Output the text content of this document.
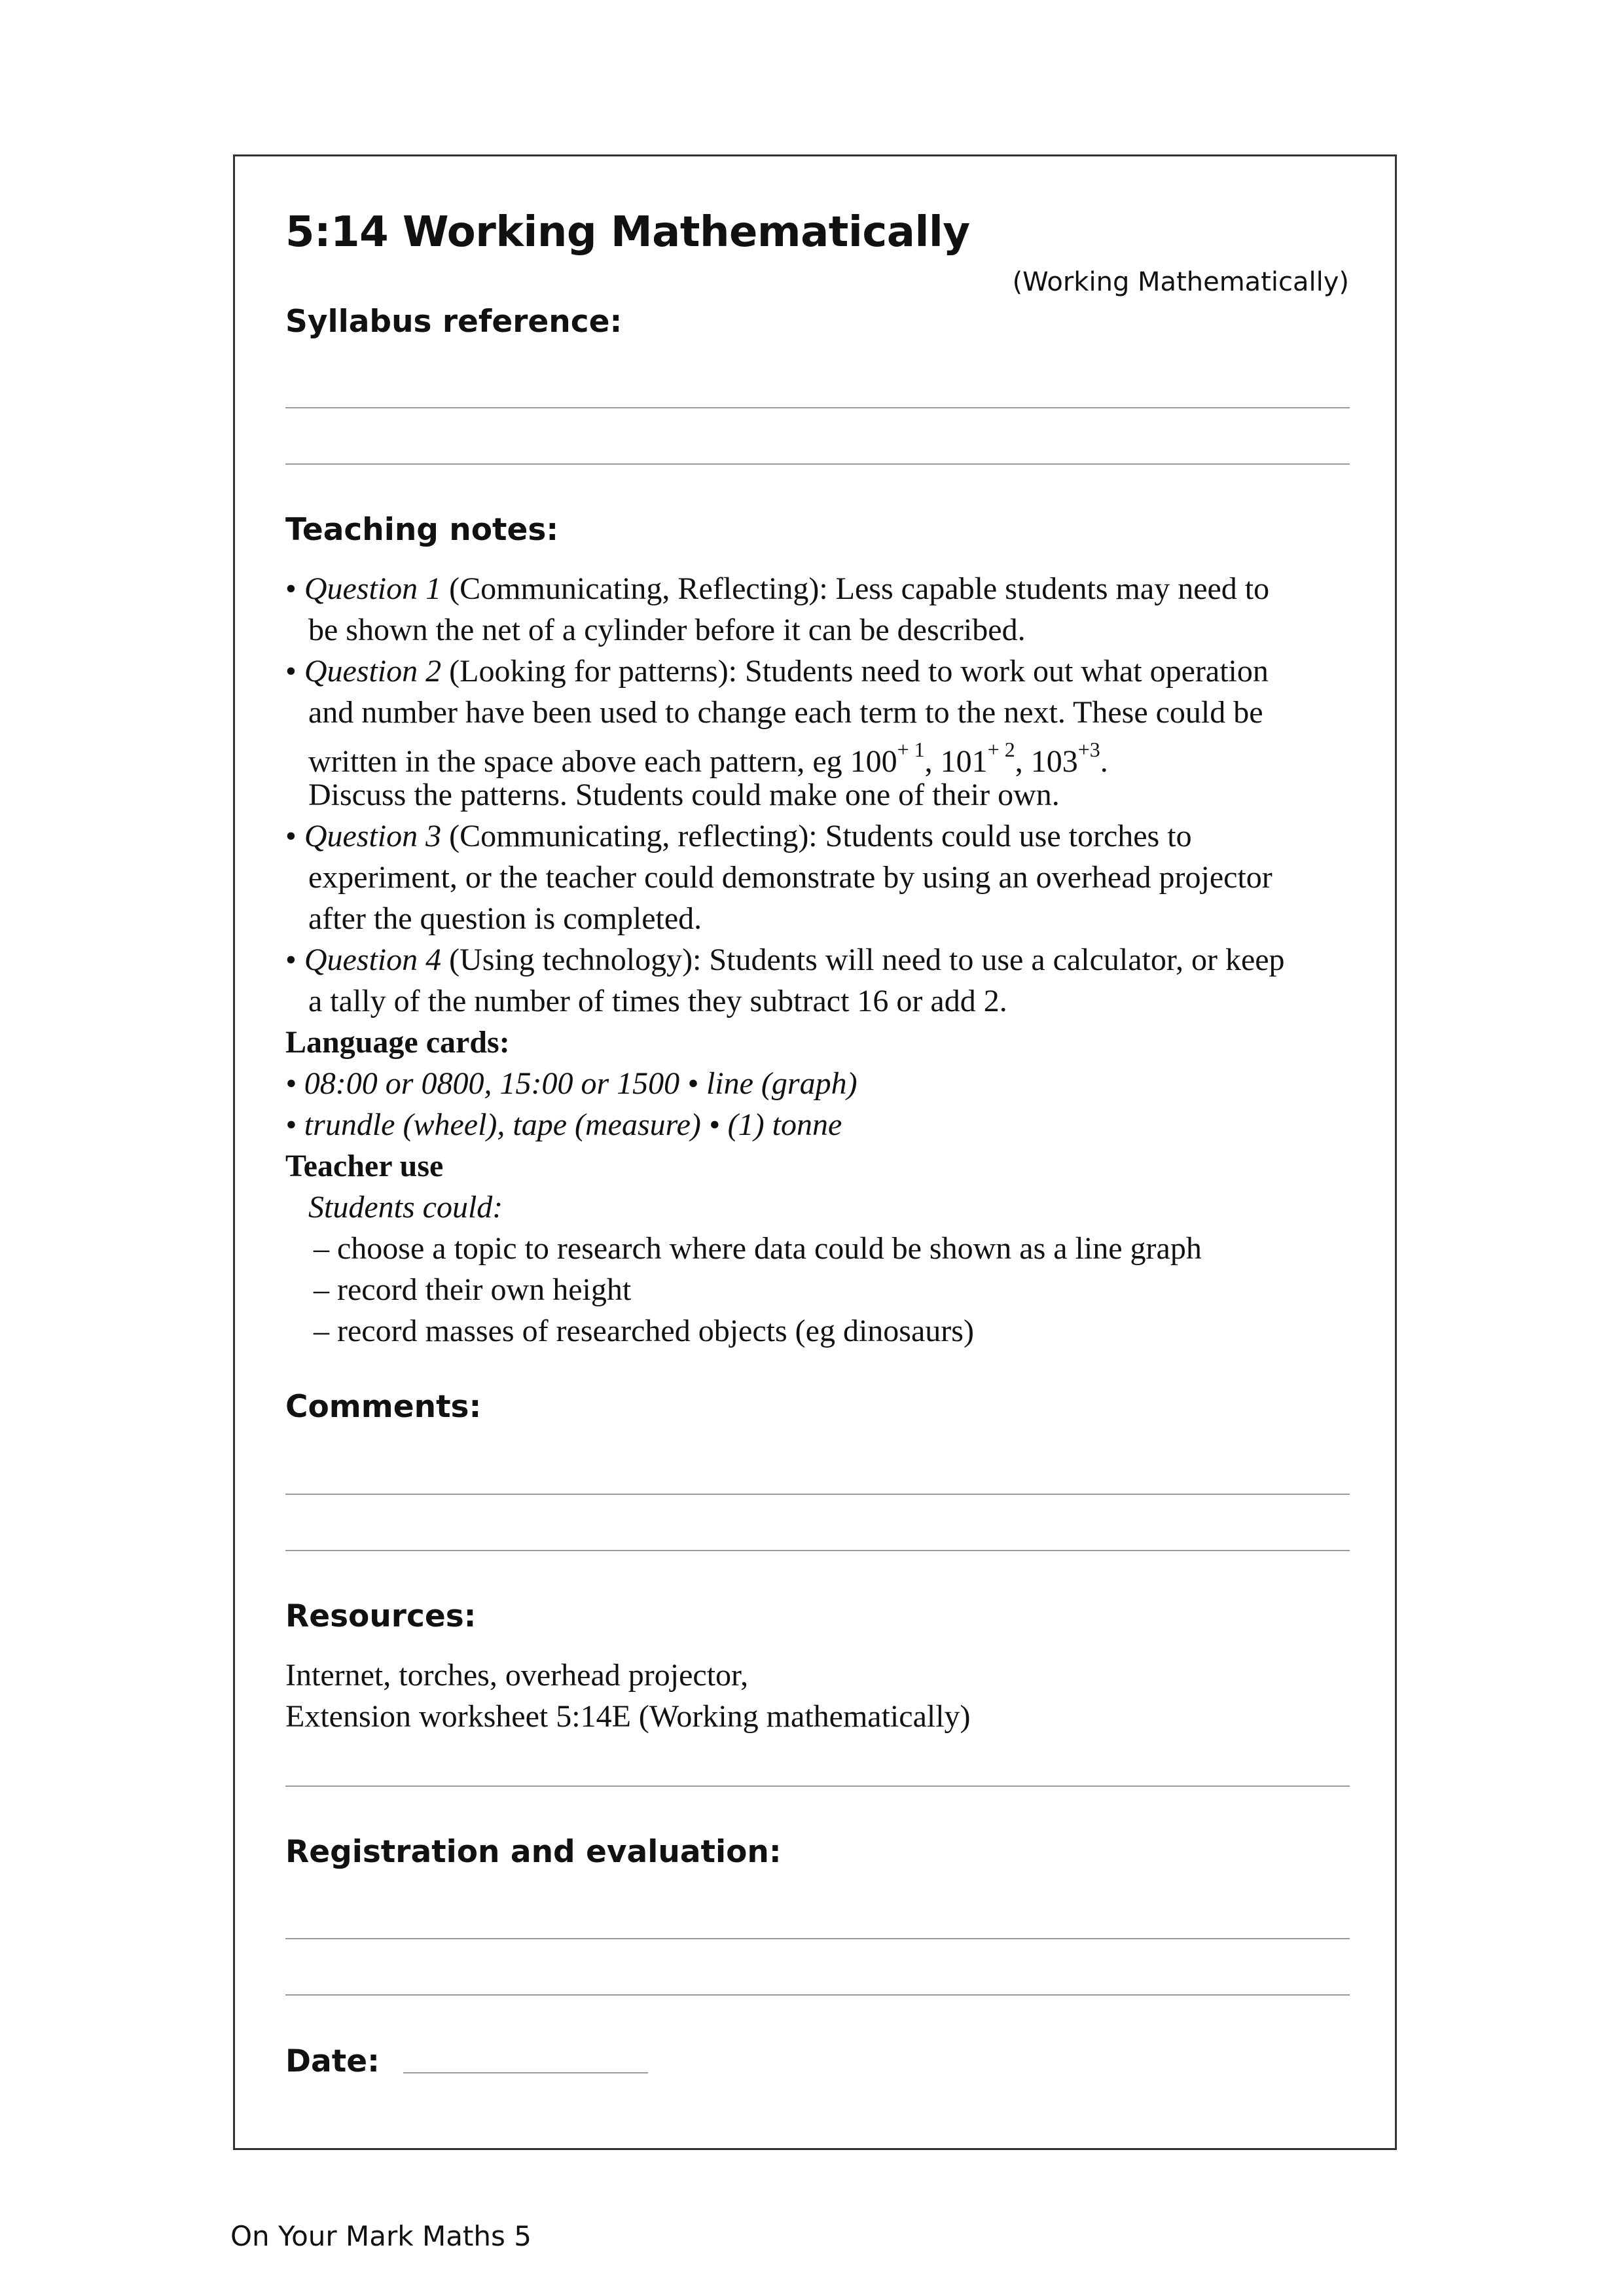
5:14 Working Mathematically
(Working Mathematically)
Syllabus reference:
Teaching notes:
• Question 1 (Communicating, Reflecting): Less capable students may need to
be shown the net of a cylinder before it can be described.
• Question 2 (Looking for patterns): Students need to work out what operation
and number have been used to change each term to the next. These could be
written in the space above each pattern, eg $100^{+ 1}$, $101^{+ 2}$, $103^{+3}$.
Discuss the patterns. Students could make one of their own.
• Question 3 (Communicating, reflecting): Students could use torches to
experiment, or the teacher could demonstrate by using an overhead projector
after the question is completed.
• Question 4 (Using technology): Students will need to use a calculator, or keep
a tally of the number of times they subtract 16 or add 2.
Language cards:
• 08:00 or 0800, 15:00 or 1500 • line (graph)
• trundle (wheel), tape (measure) • (1) tonne
Teacher use
Students could:
– choose a topic to research where data could be shown as a line graph
– record their own height
– record masses of researched objects (eg dinosaurs)
Comments:
Resources:
Internet, torches, overhead projector,
Extension worksheet 5:14E (Working mathematically)
Registration and evaluation:
Date:
On Your Mark Maths 5
